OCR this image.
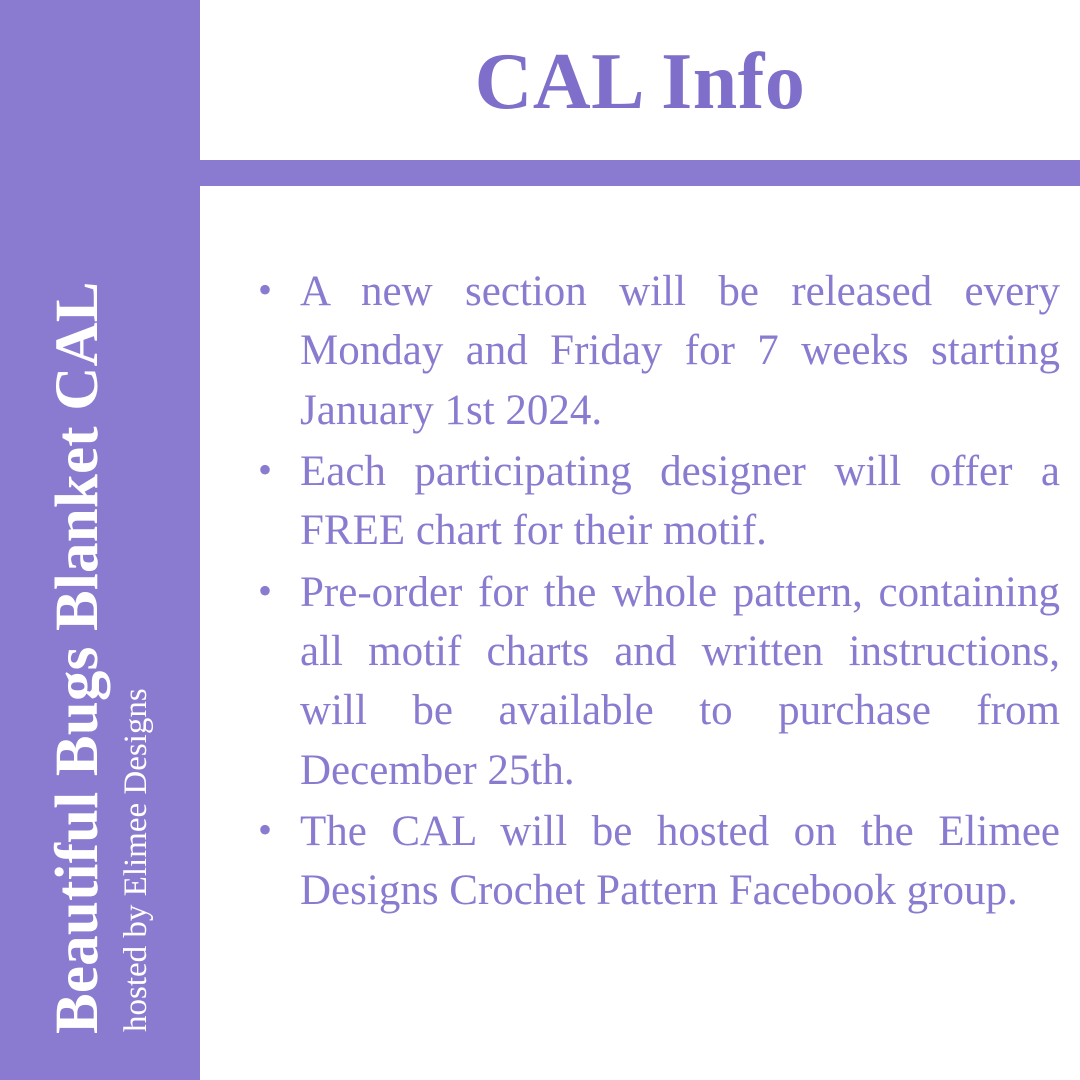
Beautiful Bugs Blanket CAL hosted by Elimee Designs
CAL Info
• A new section will be released every Monday and Friday for 7 weeks starting January 1st 2024.
• Each participating designer will offer a FREE chart for their motif.
• Pre-order for the whole pattern, containing all motif charts and written instructions, will be available to purchase from December 25th.
• The CAL will be hosted on the Elimee Designs Crochet Pattern Facebook group.
